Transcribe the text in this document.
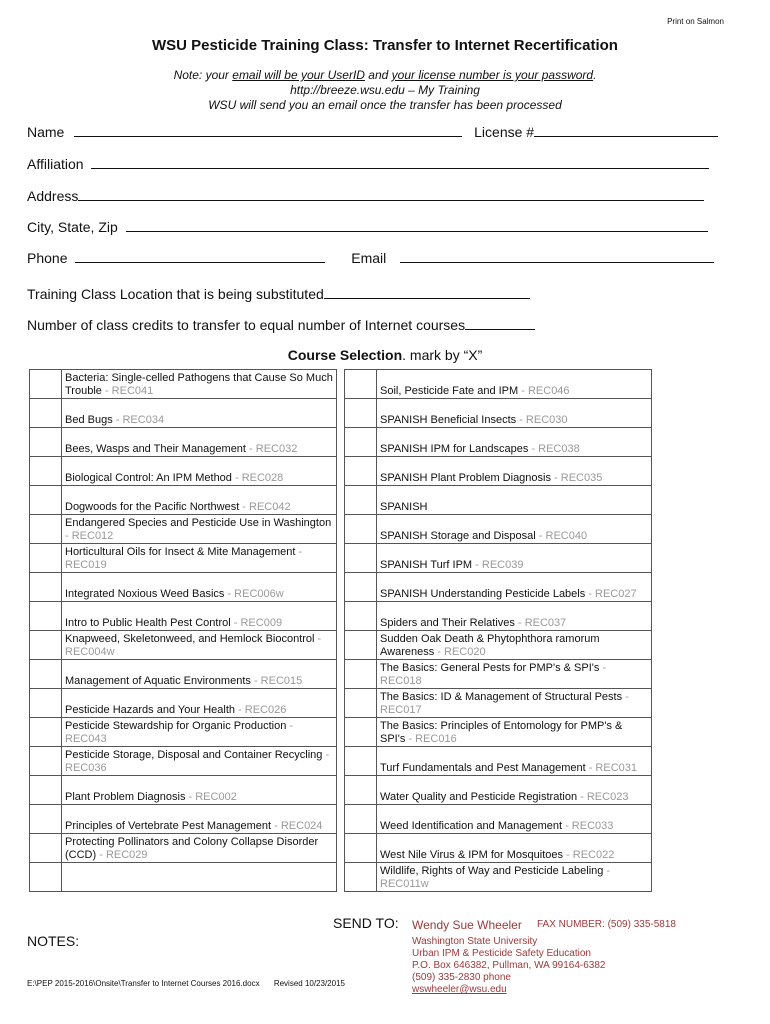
Print on Salmon
WSU Pesticide Training Class: Transfer to Internet Recertification
Note: your email will be your UserID and your license number is your password.
http://breeze.wsu.edu – My Training
WSU will send you an email once the transfer has been processed
Name	License #
Affiliation
Address
City, State, Zip
Phone	Email
Training Class Location that is being substituted
Number of class credits to transfer to equal number of Internet courses
Course Selection. mark by “X”
	Bacteria: Single-celled Pathogens that Cause So Much Trouble - REC041			Soil, Pesticide Fate and IPM - REC046
	Bed Bugs - REC034			SPANISH Beneficial Insects - REC030
	Bees, Wasps and Their Management - REC032			SPANISH IPM for Landscapes - REC038
	Biological Control: An IPM Method - REC028			SPANISH Plant Problem Diagnosis - REC035
	Dogwoods for the Pacific Northwest - REC042			SPANISH
	Endangered Species and Pesticide Use in Washington - REC012			SPANISH Storage and Disposal - REC040
	Horticultural Oils for Insect & Mite Management - REC019			SPANISH Turf IPM - REC039
	Integrated Noxious Weed Basics - REC006w			SPANISH Understanding Pesticide Labels - REC027
	Intro to Public Health Pest Control - REC009			Spiders and Their Relatives - REC037
	Knapweed, Skeletonweed, and Hemlock Biocontrol - REC004w			Sudden Oak Death & Phytophthora ramorum Awareness - REC020
	Management of Aquatic Environments - REC015			The Basics: General Pests for PMP's & SPI's - REC018
	Pesticide Hazards and Your Health - REC026			The Basics: ID & Management of Structural Pests - REC017
	Pesticide Stewardship for Organic Production - REC043			The Basics: Principles of Entomology for PMP's & SPI's - REC016
	Pesticide Storage, Disposal and Container Recycling - REC036			Turf Fundamentals and Pest Management - REC031
	Plant Problem Diagnosis - REC002			Water Quality and Pesticide Registration - REC023
	Principles of Vertebrate Pest Management - REC024			Weed Identification and Management - REC033
	Protecting Pollinators and Colony Collapse Disorder (CCD) - REC029			West Nile Virus & IPM for Mosquitoes - REC022
				Wildlife, Rights of Way and Pesticide Labeling - REC011w
SEND TO: Wendy Sue Wheeler FAX NUMBER: (509) 335-5818
Washington State University
Urban IPM & Pesticide Safety Education
P.O. Box 646382, Pullman, WA 99164-6382
(509) 335-2830 phone
wswheeler@wsu.edu
NOTES:
E:\PEP 2015-2016\Onsite\Transfer to Internet Courses 2016.docx Revised 10/23/2015
